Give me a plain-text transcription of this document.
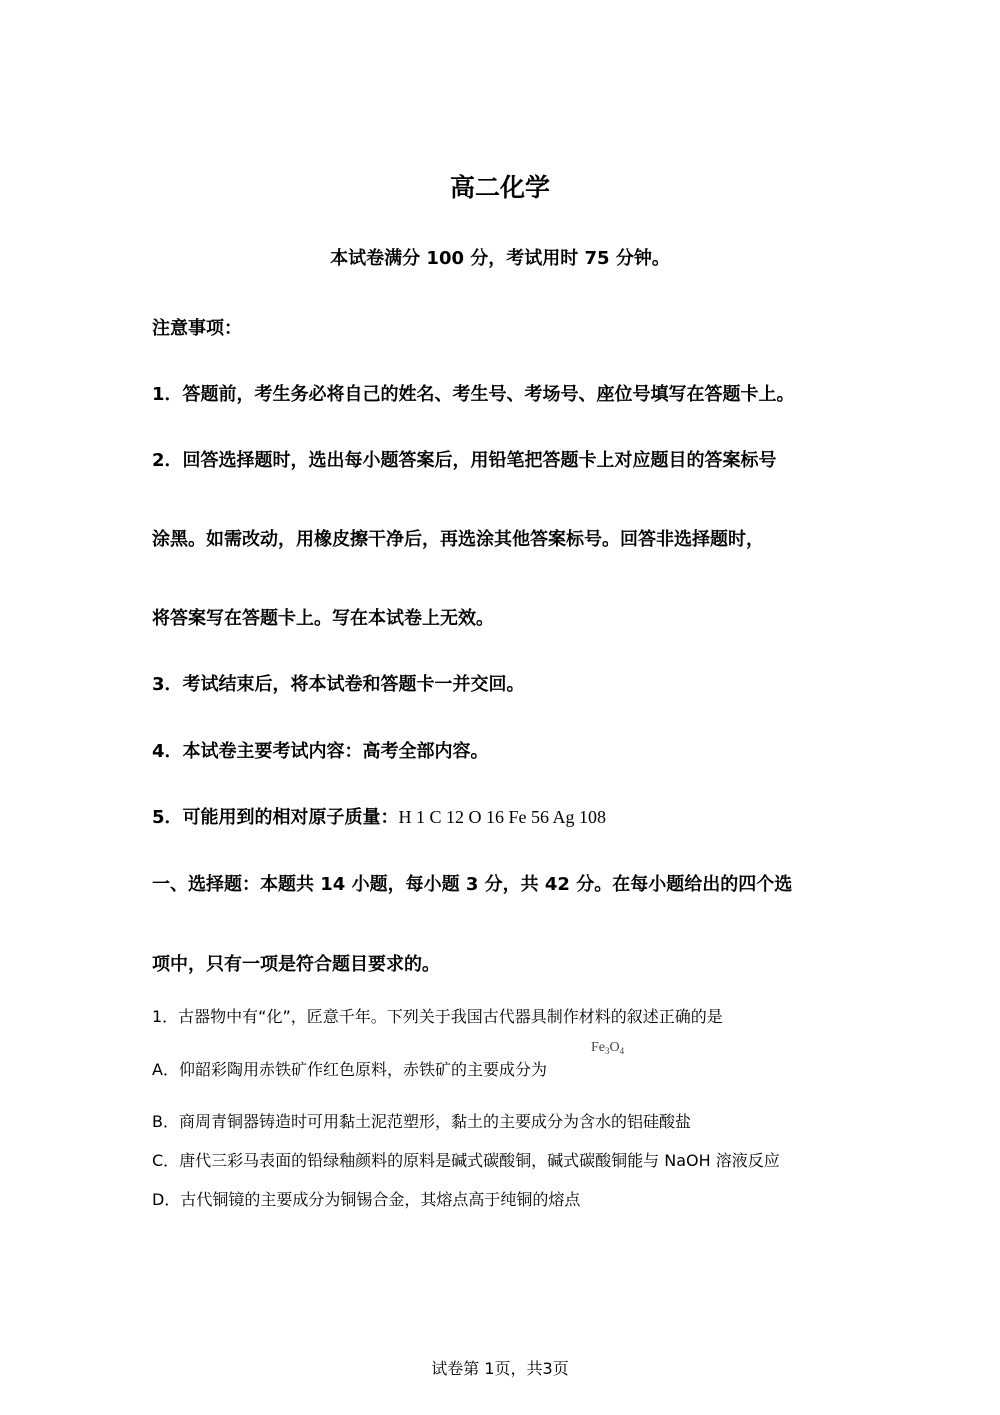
高二化学
本试卷满分 100 分，考试用时 75 分钟。
注意事项：
1．答题前，考生务必将自己的姓名、考生号、考场号、座位号填写在答题卡上。
2．回答选择题时，选出每小题答案后，用铅笔把答题卡上对应题目的答案标号
涂黑。如需改动，用橡皮擦干净后，再选涂其他答案标号。回答非选择题时，
将答案写在答题卡上。写在本试卷上无效。
3．考试结束后，将本试卷和答题卡一并交回。
4．本试卷主要考试内容：高考全部内容。
5．可能用到的相对原子质量：H 1 C 12 O 16 Fe 56 Ag 108
一、选择题：本题共 14 小题，每小题 3 分，共 42 分。在每小题给出的四个选
项中，只有一项是符合题目要求的。
1．古器物中有“化”，匠意千年。下列关于我国古代器具制作材料的叙述正确的是
A．仰韶彩陶用赤铁矿作红色原料，赤铁矿的主要成分为
$Fe_3O_4$
B．商周青铜器铸造时可用黏土泥范塑形，黏土的主要成分为含水的铝硅酸盐
C．唐代三彩马表面的铅绿釉颜料的原料是碱式碳酸铜，碱式碳酸铜能与 NaOH 溶液反应
D．古代铜镜的主要成分为铜锡合金，其熔点高于纯铜的熔点
试卷第 1页，共3页
